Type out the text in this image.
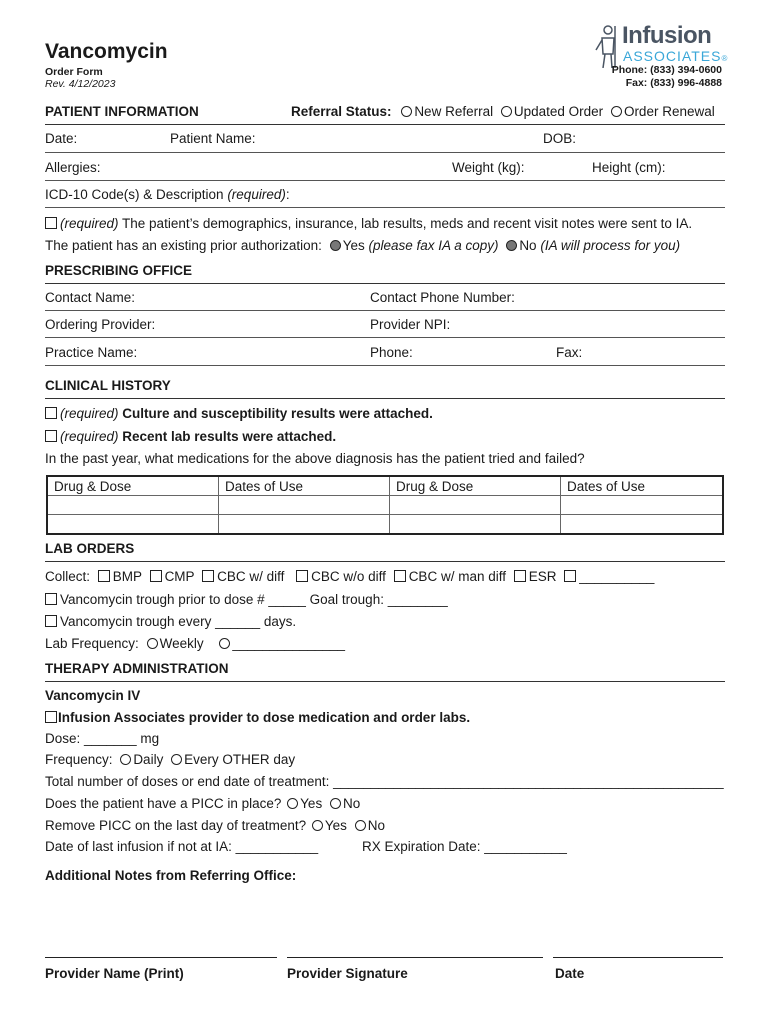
Vancomycin
Order Form
Rev. 4/12/2023
Infusion
ASSOCIATES®
Phone: (833) 394-0600
Fax: (833) 996-4888
PATIENT INFORMATION	Referral Status: New Referral Updated Order Order Renewal
Date:	Patient Name:	DOB:
Allergies:	Weight (kg):	Height (cm):
ICD-10 Code(s) & Description (required):
(required) The patient’s demographics, insurance, lab results, meds and recent visit notes were sent to IA.
The patient has an existing prior authorization: Yes (please fax IA a copy) No (IA will process for you)
PRESCRIBING OFFICE
Contact Name:	Contact Phone Number:
Ordering Provider:	Provider NPI:
Practice Name:	Phone:	Fax:
CLINICAL HISTORY
(required) Culture and susceptibility results were attached.
(required) Recent lab results were attached.
In the past year, what medications for the above diagnosis has the patient tried and failed?
Drug & Dose	Dates of Use	Drug & Dose	Dates of Use

LAB ORDERS
Collect: BMP CMP CBC w/ diff CBC w/o diff CBC w/ man diff ESR __________
Vancomycin trough prior to dose # _____ Goal trough: ________
Vancomycin trough every ______ days.
Lab Frequency: Weekly _______________
THERAPY ADMINISTRATION
Vancomycin IV
Infusion Associates provider to dose medication and order labs.
Dose: _______ mg
Frequency: Daily Every OTHER day
Total number of doses or end date of treatment: ____________________________________________________
Does the patient have a PICC in place? Yes No
Remove PICC on the last day of treatment? Yes No
Date of last infusion if not at IA: ___________	RX Expiration Date: ___________
Additional Notes from Referring Office:
Provider Name (Print)	Provider Signature	Date
